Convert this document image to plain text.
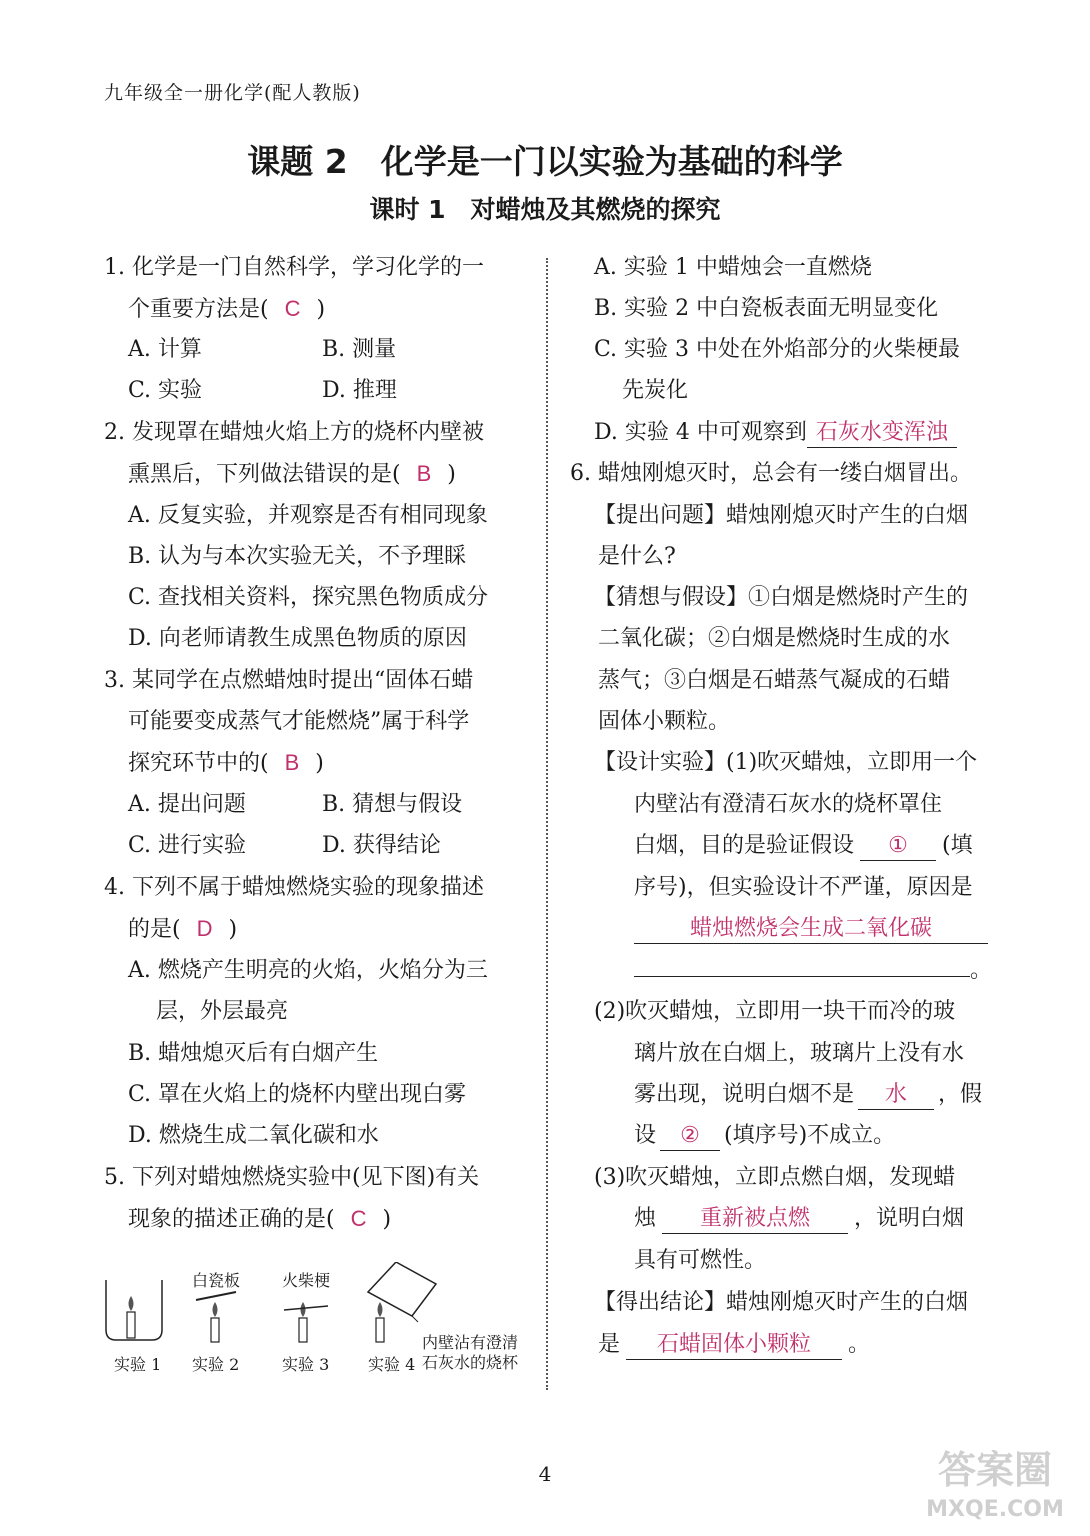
九年级全一册化学(配人教版)
课题 2　化学是一门以实验为基础的科学
课时 1　对蜡烛及其燃烧的探究
1. 化学是一门自然科学，学习化学的一
个重要方法是( C )
A. 计算	B. 测量
C. 实验	D. 推理
2. 发现罩在蜡烛火焰上方的烧杯内壁被
熏黑后，下列做法错误的是( B )
A. 反复实验，并观察是否有相同现象
B. 认为与本次实验无关，不予理睬
C. 查找相关资料，探究黑色物质成分
D. 向老师请教生成黑色物质的原因
3. 某同学在点燃蜡烛时提出“固体石蜡
可能要变成蒸气才能燃烧”属于科学
探究环节中的( B )
A. 提出问题	B. 猜想与假设
C. 进行实验	D. 获得结论
4. 下列不属于蜡烛燃烧实验的现象描述
的是( D )
A. 燃烧产生明亮的火焰，火焰分为三
层，外层最亮
B. 蜡烛熄灭后有白烟产生
C. 罩在火焰上的烧杯内壁出现白雾
D. 燃烧生成二氧化碳和水
5. 下列对蜡烛燃烧实验中(见下图)有关
现象的描述正确的是( C )
白瓷板	火柴梗
内壁沾有澄清
石灰水的烧杯
实验 1 实验 2	实验 3 实验 4
A. 实验 1 中蜡烛会一直燃烧
B. 实验 2 中白瓷板表面无明显变化
C. 实验 3 中处在外焰部分的火柴梗最
先炭化
D. 实验 4 中可观察到 石灰水变浑浊
6. 蜡烛刚熄灭时，总会有一缕白烟冒出。
【提出问题】蜡烛刚熄灭时产生的白烟
是什么?
【猜想与假设】①白烟是燃烧时产生的
二氧化碳；②白烟是燃烧时生成的水
蒸气；③白烟是石蜡蒸气凝成的石蜡
固体小颗粒。
【设计实验】(1)吹灭蜡烛，立即用一个
内壁沾有澄清石灰水的烧杯罩住
白烟，目的是验证假设 ① (填
序号)，但实验设计不严谨，原因是
蜡烛燃烧会生成二氧化碳
。
(2)吹灭蜡烛，立即用一块干而冷的玻
璃片放在白烟上，玻璃片上没有水
雾出现，说明白烟不是 水 ，假
设 ② (填序号)不成立。
(3)吹灭蜡烛，立即点燃白烟，发现蜡
烛 重新被点燃 ，说明白烟
具有可燃性。
【得出结论】蜡烛刚熄灭时产生的白烟
是 石蜡固体小颗粒 。
4	答案圈
MXQE.COM
